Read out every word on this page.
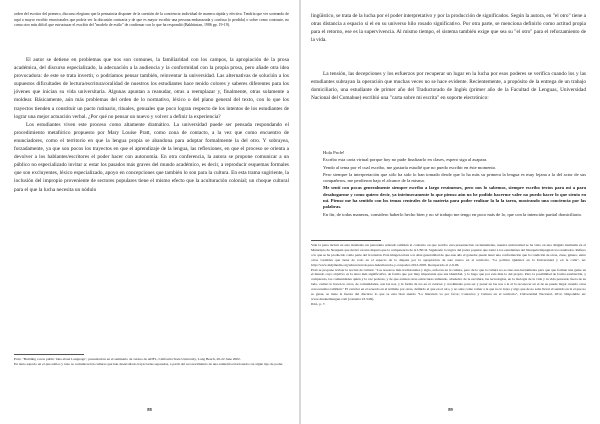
orden del escritor del primero, discurso elegiano que la pensatoria disponer de la cuestión de la conciencia individual de manera rápida y efectiva. Tendría que ver sorteando de aquí o mayor escribir emocionales que podría ver la discusión contraria y de que es mayor escribir una persona embarazada y confusa (o perdida) o sobre como contraste, no como otro más difícil que estructurar el escribir del "modelo de estilo" de confirmar con lo que ha respondió (Bakhtinian, 1986 pp. 19-19).

El autor se detiene en problemas que nos son comunes, la familiaridad con los campos, la apropiación de la prosa académica, del discurso especializado, la adecuación a la audiencia y la conformidad con la propia prosa, pero añade otra idea provocadora: de este se trata invertir, o podríamos pensar también, reinventar la universidad. Las alternativas de solución a los supuestos dificultades de lectura/escritura/oralidad de nuestros los estudiantes hace tenido colores y saberes diferentes para los jóvenes que inician su vida universitaria. Algunas apuntan a reanudar, otras a reemplazar y, finalmente, otras solamente a moldear. Básicamente, aún más problemas del orden de lo normativo, léxico o del plano general del texto, con lo que los trayectos tienden a constituir un pacto rutinario, rituales, genuales que poco logran respecto de los intentos de los estudiantes de lograr una mejor actuación verbal. ¿Por qué no pensar un nuevo y volver a definir la experiencia?

Los estudiantes viven este proceso como altamente dramático. La universidad puede ser pensada respondando el procedimiento metafórico propuesto por Mary Louise Pratt, como zona de contacto, a la vez que como encuentro de enunciadores, como el territorio en que la lengua propia se abandona para adoptar formalmente la del otro. Y sobrayea, forzadamente, ya que son pocos los trayectos en que el aprendizaje de la lengua, las reflexiones, en que el proceso se orienta a devolver a los hablantes/escritores el poder hacer con autonomía. En otra conferencia, la autora se propone comunicar a un público no especializado invitar a: estar los pasados más graves del mundo académico, es decir, a reproducir esquemas formales que son excluyentes, léxico especializado, apoyo en concepciones que también lo son para la cultura. En esta trama sugiriente, la inclusión del impropio proveniente de sectores populares tiene el mismo efecto que la aculturación colonial; un choque cultural para el que la lucha necesita un nódulo

Pratt, "Building a new public Idea about Language", presentación en el seminario de verano de ADFL, California State University, Long Beach, 20-22 June 2002.

En tanto espacio en el que estilos y tono se comunicación culturas que han desarrollado trayectorias separadas, a partir del reconocimiento de una asimetría relacionada con algún tipo de poder.

88

lingüístico, se trata de la lucha por el poder interpretativo y por la producción de significados. Según la autora, en "el otro" tiene a otras distancia a espacio si el en su universo hilo rosado significativo. Por otra parte, se menciona definirlo como actitud propia para el retorno, ese es la supervivencia. Al mismo tiempo, el sistema también exige que sea su "el otro" para el reforzamiento de la vida.

La tensión, las decepciones y los esfuerzos por recuperar un lugar en la lucha por esos poderes se verifica cuando los y las estudiantes subrayan la operación que muchas veces no se hace evidente. Recientemente, a propósito de la entrega de un trabajo domiciliario, una estudiante de primer año del Traductorado de Inglés (primer año de la Facultad de Lenguas, Universidad Nacional del Comahue) escribió una "carta sobre mi escrita" en soporte electrónico:

Hola Profe!

Escribo esta carta virtual porque hoy no pude finalizarlo en clases, espero siga al asapara.

Yendo al tema por el cual escribo, me gustaría estudié que no puedo escribir en éste momento.

Pero siempre la interpretación que sólo ha sido lo han tomado desde que lo ha más su primera la lengua es muy lejana a la del actor de sus compañeros, me perdieron bajo el alcance de la misma.

Me sentí con pocas generalmente siempre escribo a largo resúmenes, pero nos lo sabemos, siempre escribo textos para mí a para desahogarme y como quiero decir, ya intrínsecamente lo que pienso aún no he podido hacerme valer no puedo hacer lo que siento en mí. Pienso me ha sentido con los temas centrales de la materia para poder realizar la la la tarea, mostrando una conciencia por las palabras.

En fin, de todas maneras, considero haberlo hecho bien y no sé trabajo me tengo en poco más de lo, que con la intención partial domiciliario.

Vale la pena incluir en este momento un panorama relatado también al contrario en que escribo esta presentación: recientemente, nuestra universidad se ha visto en una dirigida instituida en el Municipio de Neuquén que derivó en una disputa que la competencia de la UNCO. Siguiendo la lógica del poder popular que tomó a los estudiantes del Neuquén impugnan los resultados. Refiero a lo que se ha producido como parte del la tensión. Esta imagen relata a la altas generalidad de que este año el ganador puede tener una conformación que la condición de otras, clase, género, entre otros variables que tiene de todo en el espacio de la disputa por la apropiación de este nuevo en el territorio. "La política Quimica en la Universidad y en la calle", en: http://www.indymedia.org/educacion/al-para-ladeslicencia-y-conpoder-2012-2005. Recuperado el 2-9-06.

Pratt se propone revisar la noción de cultura: "Los nosotros más tradicionales y siglo, enfocan en la cultura, pero de lo que la cultura no es sino una herramienta para que que formen una gente en el mundo cuyo objetivo es la tarea más significativa, de forma que por muy importante que sus identidad, y lo hago que por esta más lo del propio. Pero la posibilidad de forma establecida, y comparado, las comunidades quién y la vez poderes, y de que existen otras estructuras subiendo, alrededor de la escritura, las tecnologías, en la biología de la vida y tu vida personal, fuera de su lado, cuánto lo hacen lo otros, de comunidades, son las nos, y la forma de los en el carácter y crecimiento para ser y poner en las nos a la al la reconocer en el de su puede llegar cuando otros conoceremos también." El carácter en el acuerdo en el término por otras, definido el que en el otro, y no sabe como tomar a la que no lo haya y algo que de no sabe llevar el sentido en la el que no se gusta, se tiene la fuerza del discurso lo que se esta bien siendo "La literatura va por favor; Contactos y Cultura en el territorio", Universidad Nacional, 2012, Disponible en: www.desdeelmargen.com (consulta 23.3.06).

Ibíd., p. 7.

89
